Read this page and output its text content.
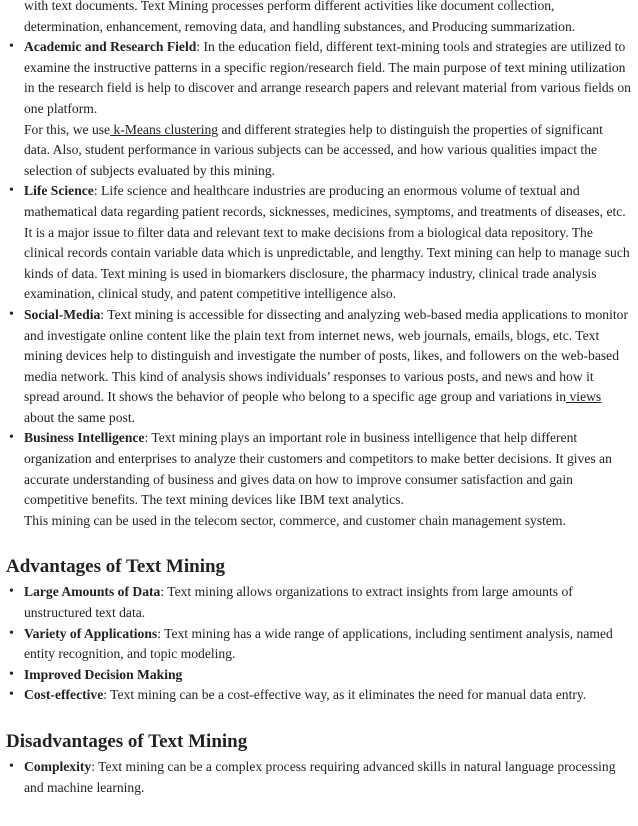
with text documents. Text Mining processes perform different activities like document collection, determination, enhancement, removing data, and handling substances, and Producing summarization.
• Academic and Research Field: In the education field, different text-mining tools and strategies are utilized to examine the instructive patterns in a specific region/research field. The main purpose of text mining utilization in the research field is help to discover and arrange research papers and relevant material from various fields on one platform.
For this, we use k-Means clustering and different strategies help to distinguish the properties of significant data. Also, student performance in various subjects can be accessed, and how various qualities impact the selection of subjects evaluated by this mining.
• Life Science: Life science and healthcare industries are producing an enormous volume of textual and mathematical data regarding patient records, sicknesses, medicines, symptoms, and treatments of diseases, etc. It is a major issue to filter data and relevant text to make decisions from a biological data repository. The clinical records contain variable data which is unpredictable, and lengthy. Text mining can help to manage such kinds of data. Text mining is used in biomarkers disclosure, the pharmacy industry, clinical trade analysis examination, clinical study, and patent competitive intelligence also.
• Social-Media: Text mining is accessible for dissecting and analyzing web-based media applications to monitor and investigate online content like the plain text from internet news, web journals, emails, blogs, etc. Text mining devices help to distinguish and investigate the number of posts, likes, and followers on the web-based media network. This kind of analysis shows individuals’ responses to various posts, and news and how it spread around. It shows the behavior of people who belong to a specific age group and variations in views about the same post.
• Business Intelligence: Text mining plays an important role in business intelligence that help different organization and enterprises to analyze their customers and competitors to make better decisions. It gives an accurate understanding of business and gives data on how to improve consumer satisfaction and gain competitive benefits. The text mining devices like IBM text analytics.
This mining can be used in the telecom sector, commerce, and customer chain management system.
Advantages of Text Mining
• Large Amounts of Data: Text mining allows organizations to extract insights from large amounts of unstructured text data.
• Variety of Applications: Text mining has a wide range of applications, including sentiment analysis, named entity recognition, and topic modeling.
• Improved Decision Making
• Cost-effective: Text mining can be a cost-effective way, as it eliminates the need for manual data entry.
Disadvantages of Text Mining
• Complexity: Text mining can be a complex process requiring advanced skills in natural language processing and machine learning.
